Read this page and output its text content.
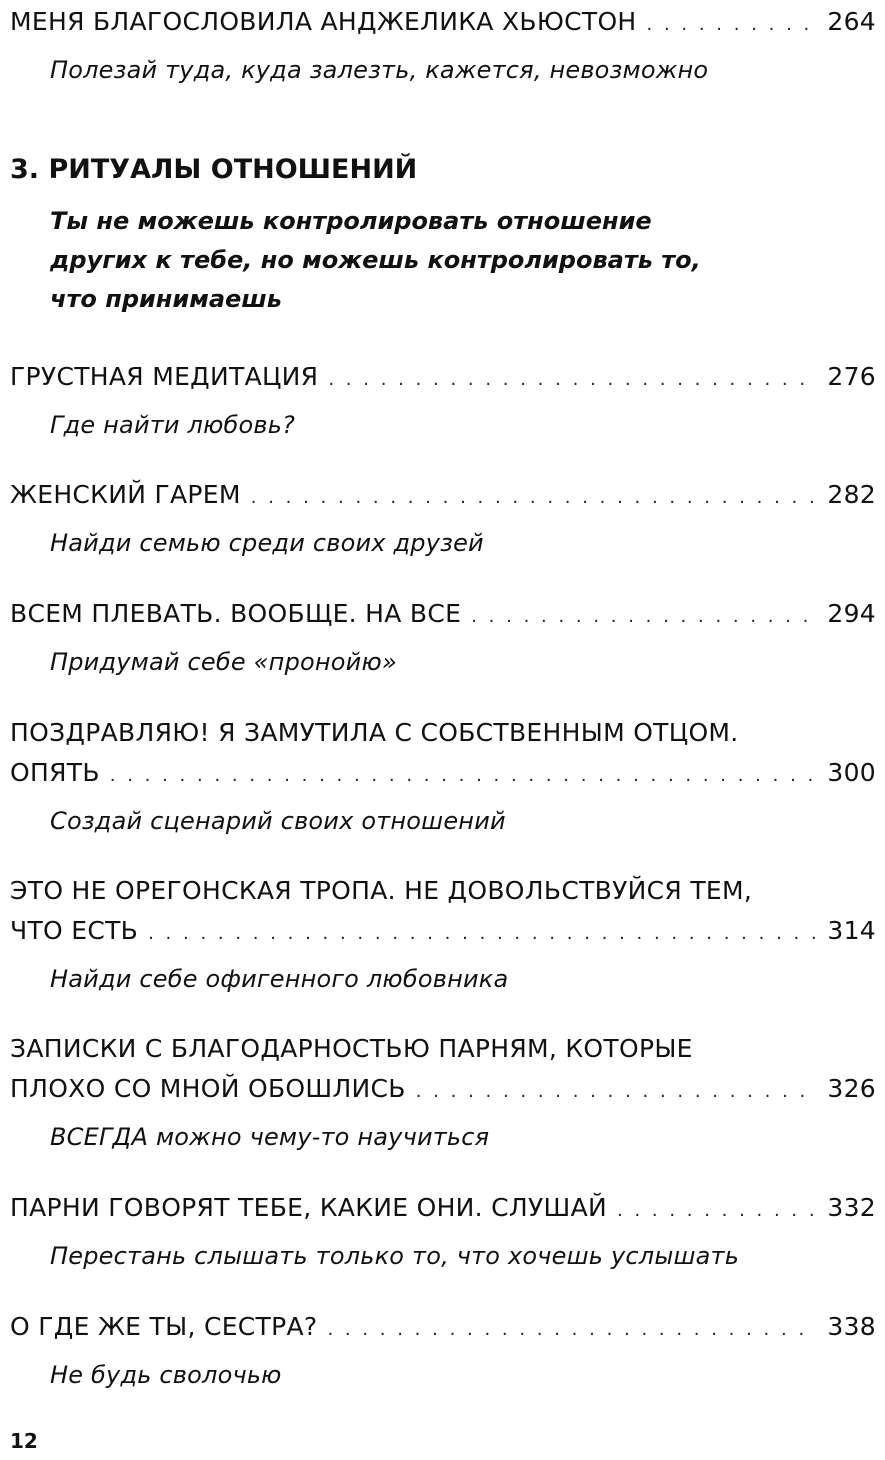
МЕНЯ БЛАГОСЛОВИЛА АНДЖЕЛИКА ХЬЮСТОН . . .	264
Полезай туда, куда залезть, кажется, невозможно
3. РИТУАЛЫ ОТНОШЕНИЙ
Ты не можешь контролировать отношение
других к тебе, но можешь контролировать то,
что принимаешь
ГРУСТНАЯ МЕДИТАЦИЯ . . .	276
Где найти любовь?
ЖЕНСКИЙ ГАРЕМ . . .	282
Найди семью среди своих друзей
ВСЕМ ПЛЕВАТЬ. ВООБЩЕ. НА ВСЕ . . .	294
Придумай себе «пронойю»
ПОЗДРАВЛЯЮ! Я ЗАМУТИЛА С СОБСТВЕННЫМ ОТЦОМ.
ОПЯТЬ . . .	300
Создай сценарий своих отношений
ЭТО НЕ ОРЕГОНСКАЯ ТРОПА. НЕ ДОВОЛЬСТВУЙСЯ ТЕМ,
ЧТО ЕСТЬ . . .	314
Найди себе офигенного любовника
ЗАПИСКИ С БЛАГОДАРНОСТЬЮ ПАРНЯМ, КОТОРЫЕ
ПЛОХО СО МНОЙ ОБОШЛИСЬ . . .	326
ВСЕГДА можно чему-то научиться
ПАРНИ ГОВОРЯТ ТЕБЕ, КАКИЕ ОНИ. СЛУШАЙ . . .	332
Перестань слышать только то, что хочешь услышать
О ГДЕ ЖЕ ТЫ, СЕСТРА? . . .	338
Не будь сволочью
12
